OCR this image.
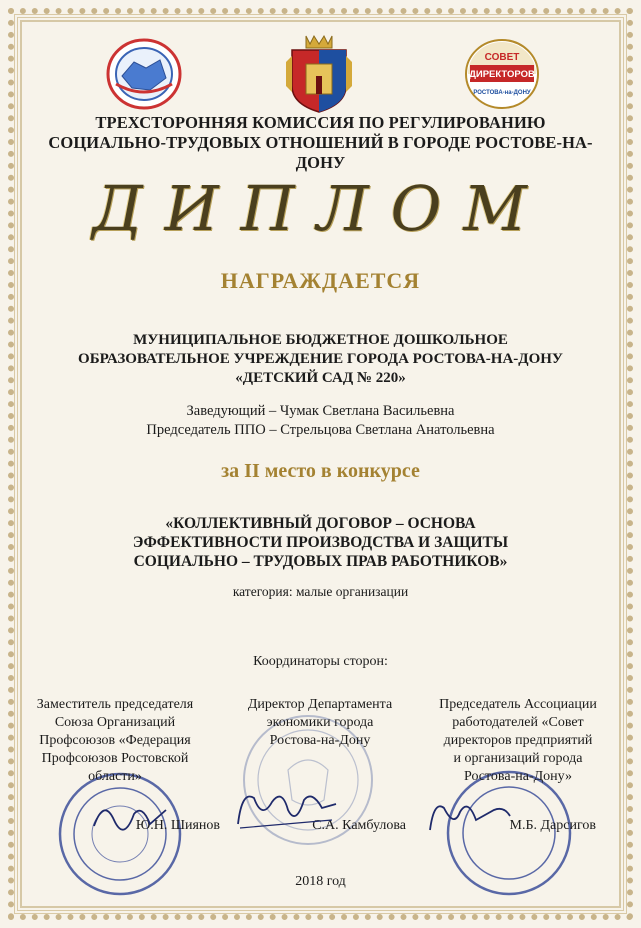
СОВЕТ
ДИРЕКТОРОВ
РОСТОВА-на-ДОНУ
ТРЕХСТОРОННЯЯ КОМИССИЯ ПО РЕГУЛИРОВАНИЮ
СОЦИАЛЬНО-ТРУДОВЫХ ОТНОШЕНИЙ В ГОРОДЕ РОСТОВЕ-НА-ДОНУ
ДИПЛОМ
НАГРАЖДАЕТСЯ
МУНИЦИПАЛЬНОЕ БЮДЖЕТНОЕ ДОШКОЛЬНОЕ
ОБРАЗОВАТЕЛЬНОЕ УЧРЕЖДЕНИЕ ГОРОДА РОСТОВА-НА-ДОНУ
«ДЕТСКИЙ САД № 220»
Заведующий – Чумак Светлана Васильевна
Председатель ППО – Стрельцова Светлана Анатольевна
за II место в конкурсе
«КОЛЛЕКТИВНЫЙ ДОГОВОР – ОСНОВА
ЭФФЕКТИВНОСТИ ПРОИЗВОДСТВА И ЗАЩИТЫ
СОЦИАЛЬНО – ТРУДОВЫХ ПРАВ РАБОТНИКОВ»
категория: малые организации
Координаторы сторон:
Заместитель председателя
Союза Организаций
Профсоюзов «Федерация
Профсоюзов Ростовской
области»
Ю.Н. Шиянов
Директор Департамента
экономики города
Ростова-на-Дону
С.А. Камбулова
Председатель Ассоциации
работодателей «Совет
директоров предприятий
и организаций города
Ростова-на-Дону»
М.Б. Дарсигов
2018 год
